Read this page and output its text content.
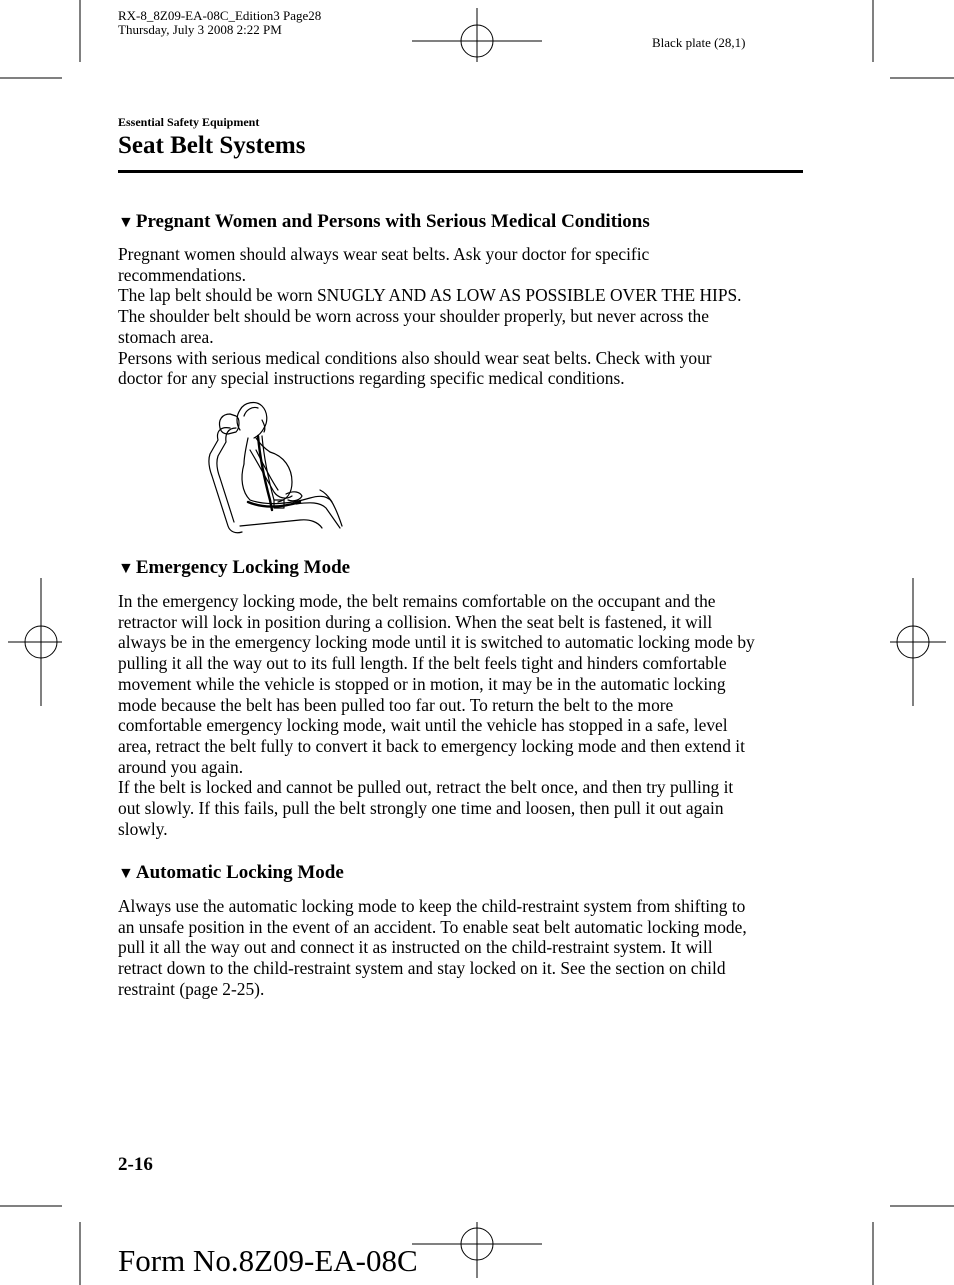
RX-8_8Z09-EA-08C_Edition3 Page28
Thursday, July 3 2008 2:22 PM
Black plate (28,1)
Essential Safety Equipment
Seat Belt Systems
▼ Pregnant Women and Persons with Serious Medical Conditions

Pregnant women should always wear seat belts. Ask your doctor for specific

recommendations.

The lap belt should be worn SNUGLY AND AS LOW AS POSSIBLE OVER THE HIPS.

The shoulder belt should be worn across your shoulder properly, but never across the

stomach area.

Persons with serious medical conditions also should wear seat belts. Check with your

doctor for any special instructions regarding specific medical conditions.

▼ Emergency Locking Mode

In the emergency locking mode, the belt remains comfortable on the occupant and the

retractor will lock in position during a collision. When the seat belt is fastened, it will

always be in the emergency locking mode until it is switched to automatic locking mode by

pulling it all the way out to its full length. If the belt feels tight and hinders comfortable

movement while the vehicle is stopped or in motion, it may be in the automatic locking

mode because the belt has been pulled too far out. To return the belt to the more

comfortable emergency locking mode, wait until the vehicle has stopped in a safe, level

area, retract the belt fully to convert it back to emergency locking mode and then extend it

around you again.

If the belt is locked and cannot be pulled out, retract the belt once, and then try pulling it

out slowly. If this fails, pull the belt strongly one time and loosen, then pull it out again

slowly.

▼ Automatic Locking Mode

Always use the automatic locking mode to keep the child-restraint system from shifting to

an unsafe position in the event of an accident. To enable seat belt automatic locking mode,

pull it all the way out and connect it as instructed on the child-restraint system. It will

retract down to the child-restraint system and stay locked on it. See the section on child

restraint (page 2-25).

2-16
Form No.8Z09-EA-08C
